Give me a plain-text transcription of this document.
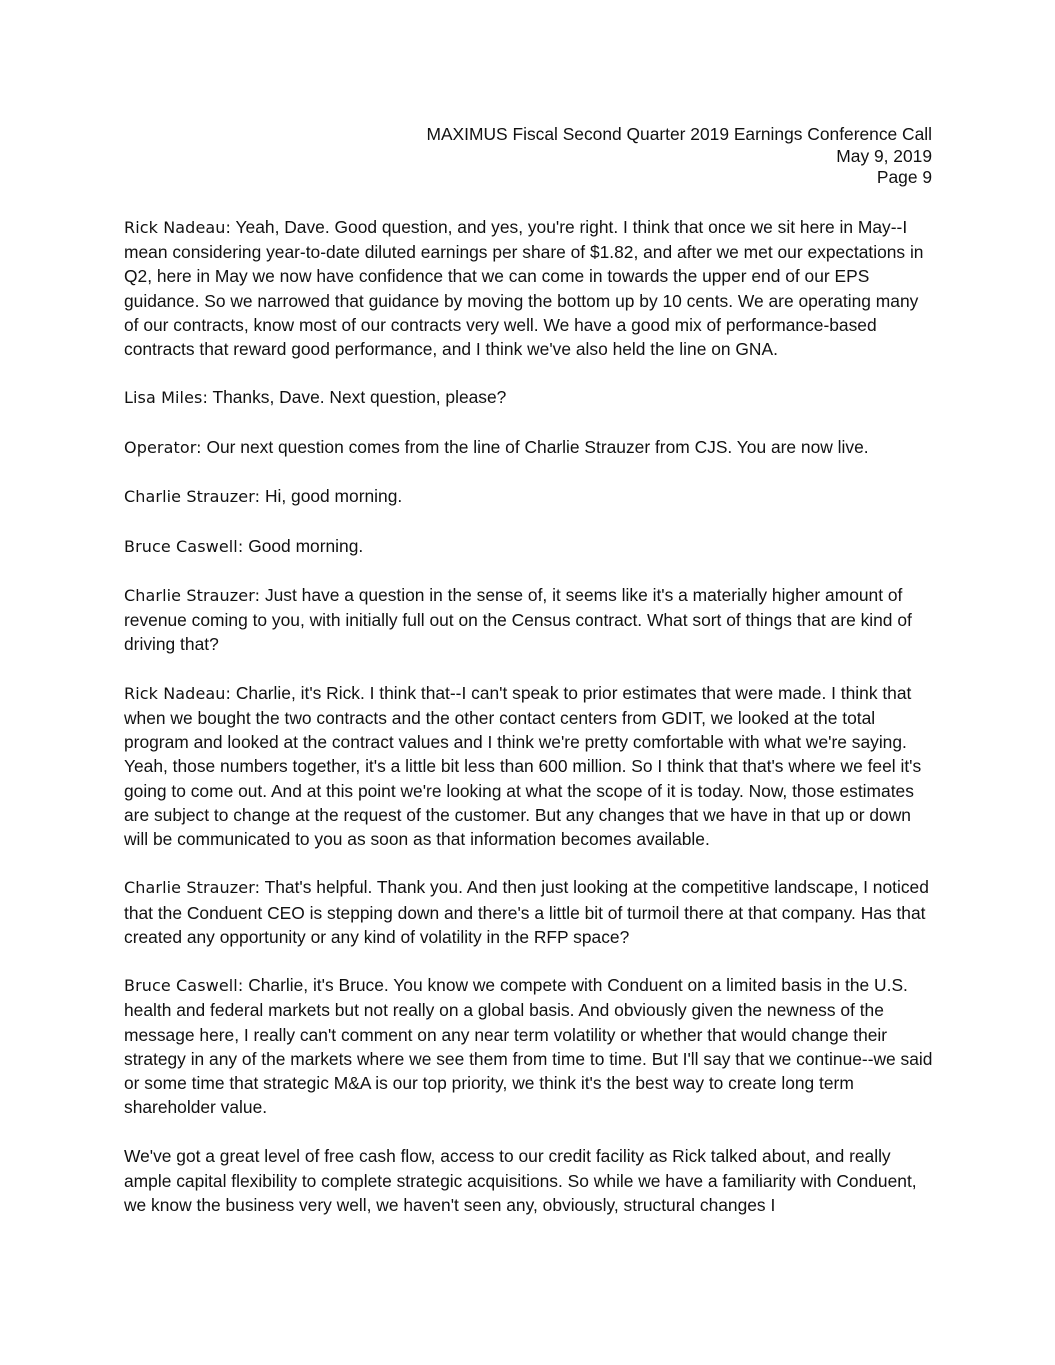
MAXIMUS Fiscal Second Quarter 2019 Earnings Conference Call
May 9, 2019
Page 9

Rick Nadeau: Yeah, Dave. Good question, and yes, you're right. I think that once we sit here in May--I mean considering year-to-date diluted earnings per share of $1.82, and after we met our expectations in Q2, here in May we now have confidence that we can come in towards the upper end of our EPS guidance. So we narrowed that guidance by moving the bottom up by 10 cents. We are operating many of our contracts, know most of our contracts very well. We have a good mix of performance-based contracts that reward good performance, and I think we've also held the line on GNA.

Lisa Miles: Thanks, Dave. Next question, please?

Operator: Our next question comes from the line of Charlie Strauzer from CJS. You are now live.

Charlie Strauzer: Hi, good morning.

Bruce Caswell: Good morning.

Charlie Strauzer: Just have a question in the sense of, it seems like it's a materially higher amount of revenue coming to you, with initially full out on the Census contract. What sort of things that are kind of driving that?

Rick Nadeau: Charlie, it's Rick. I think that--I can't speak to prior estimates that were made. I think that when we bought the two contracts and the other contact centers from GDIT, we looked at the total program and looked at the contract values and I think we're pretty comfortable with what we're saying. Yeah, those numbers together, it's a little bit less than 600 million. So I think that that's where we feel it's going to come out. And at this point we're looking at what the scope of it is today. Now, those estimates are subject to change at the request of the customer. But any changes that we have in that up or down will be communicated to you as soon as that information becomes available.

Charlie Strauzer: That's helpful. Thank you. And then just looking at the competitive landscape, I noticed that the Conduent CEO is stepping down and there's a little bit of turmoil there at that company. Has that created any opportunity or any kind of volatility in the RFP space?

Bruce Caswell: Charlie, it's Bruce. You know we compete with Conduent on a limited basis in the U.S. health and federal markets but not really on a global basis. And obviously given the newness of the message here, I really can't comment on any near term volatility or whether that would change their strategy in any of the markets where we see them from time to time. But I'll say that we continue--we said or some time that strategic M&A is our top priority, we think it's the best way to create long term shareholder value.

We've got a great level of free cash flow, access to our credit facility as Rick talked about, and really ample capital flexibility to complete strategic acquisitions. So while we have a familiarity with Conduent, we know the business very well, we haven't seen any, obviously, structural changes I
